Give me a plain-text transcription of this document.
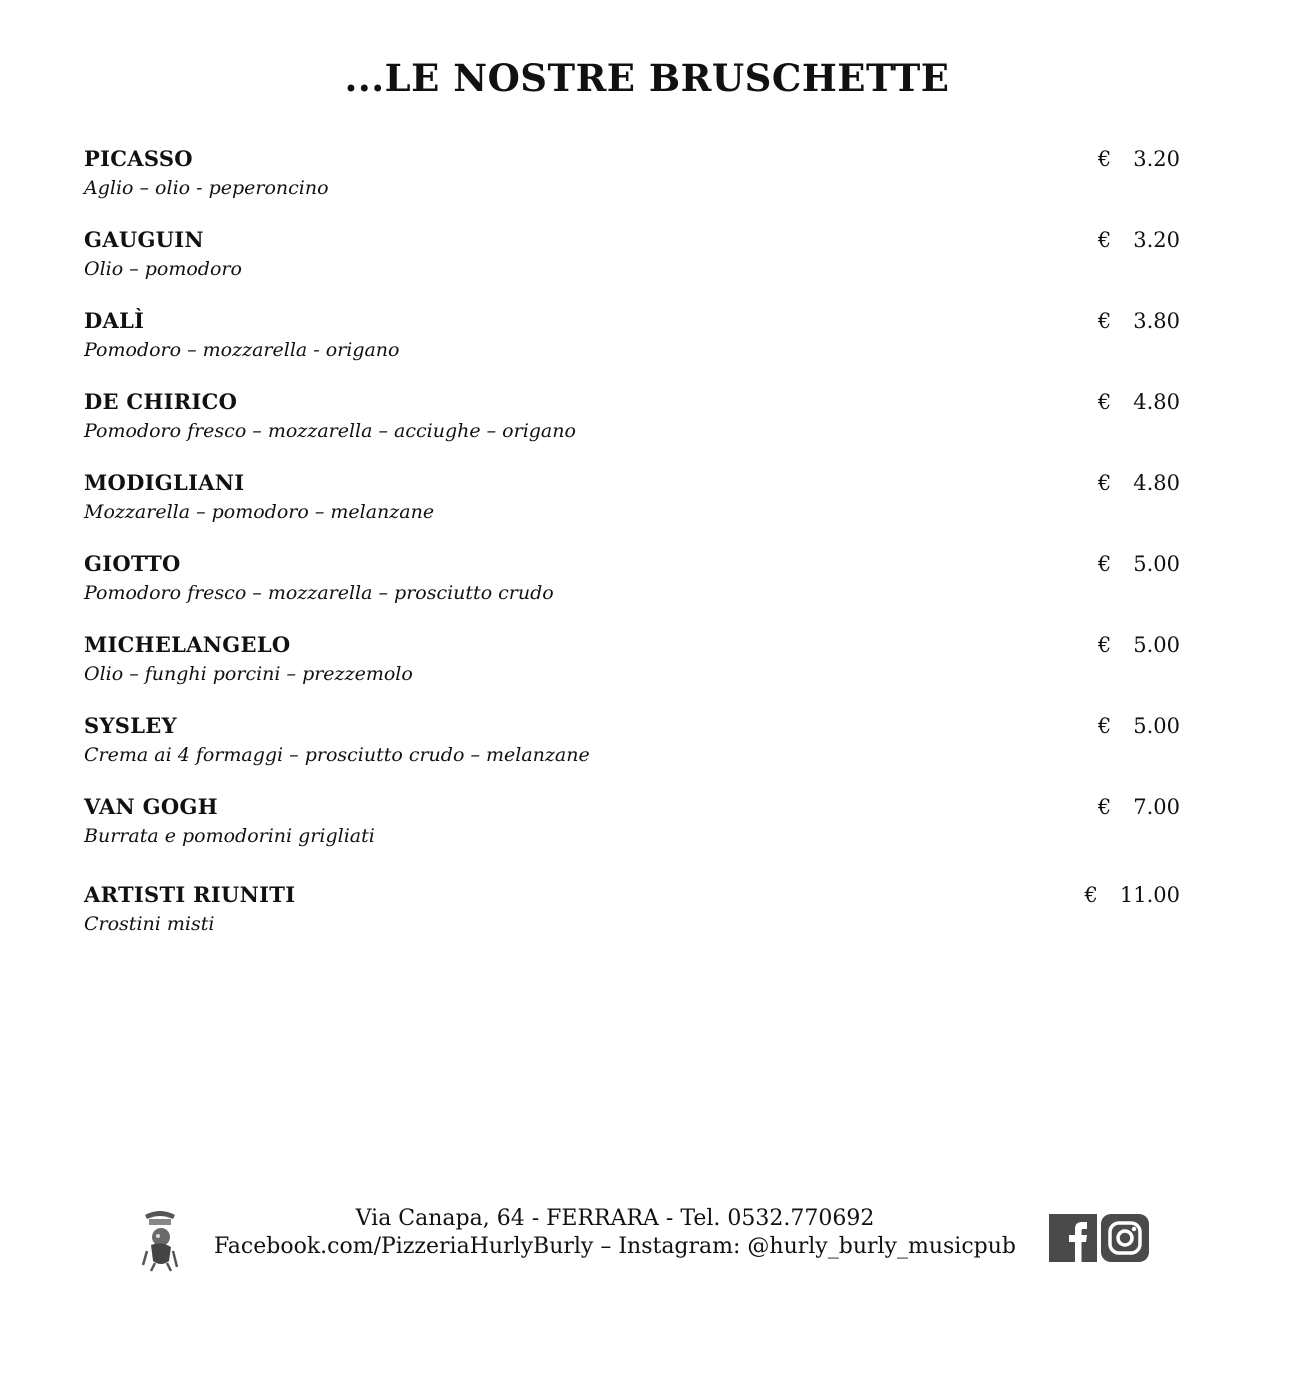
...LE NOSTRE BRUSCHETTE
PICASSO
Aglio – olio - peperoncino
€ 3.20
GAUGUIN
Olio – pomodoro
€ 3.20
DALÌ
Pomodoro – mozzarella - origano
€ 3.80
DE CHIRICO
Pomodoro fresco – mozzarella – acciughe – origano
€ 4.80
MODIGLIANI
Mozzarella – pomodoro – melanzane
€ 4.80
GIOTTO
Pomodoro fresco – mozzarella – prosciutto crudo
€ 5.00
MICHELANGELO
Olio – funghi porcini – prezzemolo
€ 5.00
SYSLEY
Crema ai 4 formaggi – prosciutto crudo – melanzane
€ 5.00
VAN GOGH
Burrata e pomodorini grigliati
€ 7.00
ARTISTI RIUNITI
Crostini misti
€ 11.00
Via Canapa, 64 - FERRARA - Tel. 0532.770692
Facebook.com/PizzeriaHurlyBurly – Instagram: @hurly_burly_musicpub
